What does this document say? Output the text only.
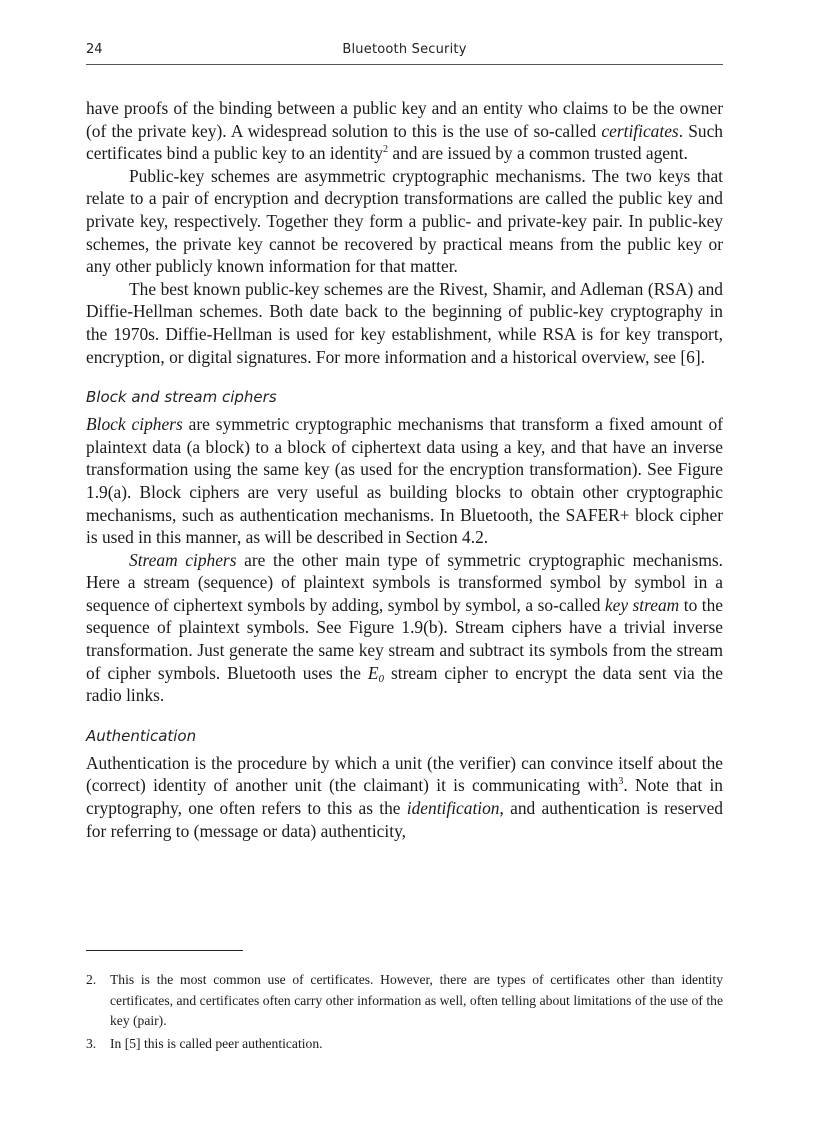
24	Bluetooth Security

have proofs of the binding between a public key and an entity who claims to be the owner (of the private key). A widespread solution to this is the use of so-called certificates. Such certificates bind a public key to an identity$^2$ and are issued by a common trusted agent.

Public-key schemes are asymmetric cryptographic mechanisms. The two keys that relate to a pair of encryption and decryption transformations are called the public key and private key, respectively. Together they form a public- and private-key pair. In public-key schemes, the private key cannot be recovered by practical means from the public key or any other publicly known information for that matter.

The best known public-key schemes are the Rivest, Shamir, and Adleman (RSA) and Diffie-Hellman schemes. Both date back to the beginning of public-key cryptography in the 1970s. Diffie-Hellman is used for key establishment, while RSA is for key transport, encryption, or digital signatures. For more information and a historical overview, see [6].

Block and stream ciphers

Block ciphers are symmetric cryptographic mechanisms that transform a fixed amount of plaintext data (a block) to a block of ciphertext data using a key, and that have an inverse transformation using the same key (as used for the encryption transformation). See Figure 1.9(a). Block ciphers are very useful as building blocks to obtain other cryptographic mechanisms, such as authentication mechanisms. In Bluetooth, the SAFER+ block cipher is used in this manner, as will be described in Section 4.2.

Stream ciphers are the other main type of symmetric cryptographic mechanisms. Here a stream (sequence) of plaintext symbols is transformed symbol by symbol in a sequence of ciphertext symbols by adding, symbol by symbol, a so-called key stream to the sequence of plaintext symbols. See Figure 1.9(b). Stream ciphers have a trivial inverse transformation. Just generate the same key stream and subtract its symbols from the stream of cipher symbols. Bluetooth uses the $E_0$ stream cipher to encrypt the data sent via the radio links.

Authentication

Authentication is the procedure by which a unit (the verifier) can convince itself about the (correct) identity of another unit (the claimant) it is communicating with$^3$. Note that in cryptography, one often refers to this as the identification, and authentication is reserved for referring to (message or data) authenticity,

2. This is the most common use of certificates. However, there are types of certificates other than identity certificates, and certificates often carry other information as well, often telling about limitations of the use of the key (pair).
3. In [5] this is called peer authentication.
